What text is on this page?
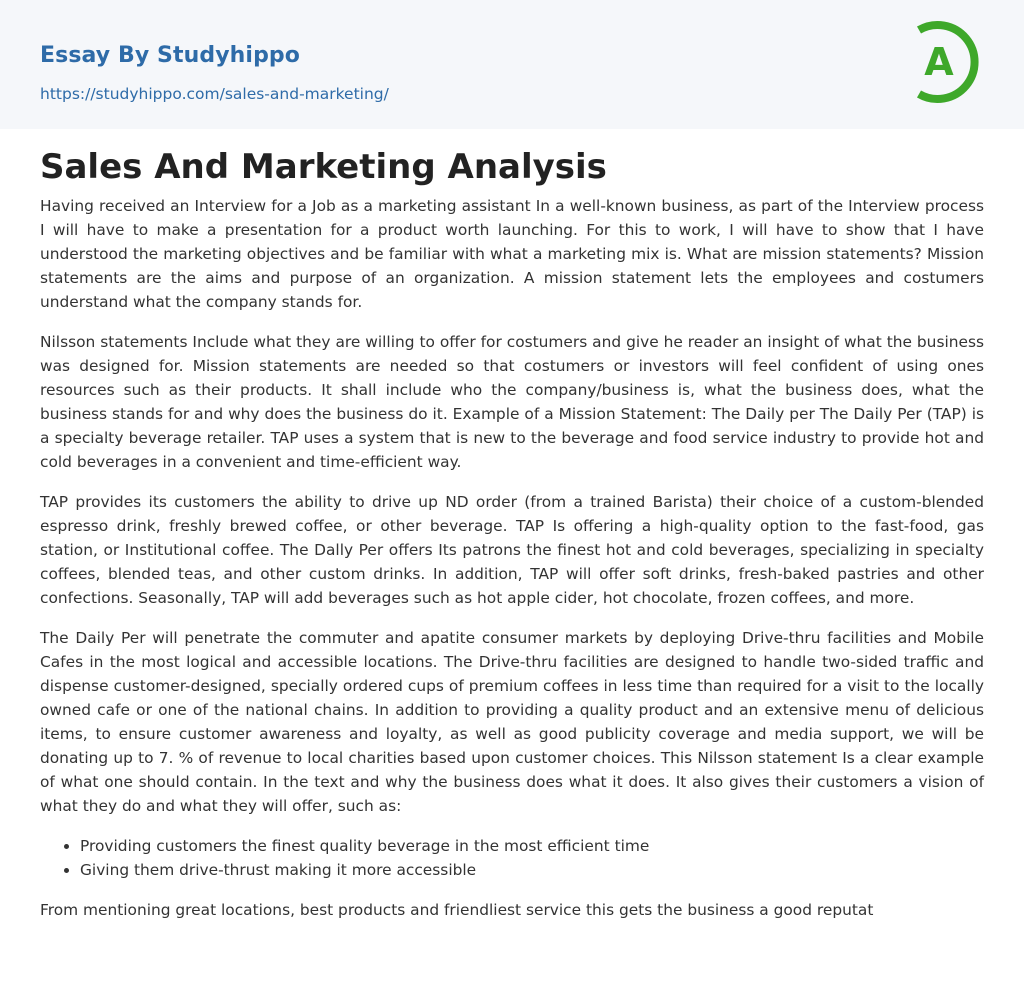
Essay By Studyhippo
https://studyhippo.com/sales-and-marketing/
A
Sales And Marketing Analysis

Having received an Interview for a Job as a marketing assistant In a well-known business, as part of the Interview process I will have to make a presentation for a product worth launching. For this to work, I will have to show that I have understood the marketing objectives and be familiar with what a marketing mix is. What are mission statements? Mission statements are the aims and purpose of an organization. A mission statement lets the employees and costumers understand what the company stands for.

Nilsson statements Include what they are willing to offer for costumers and give he reader an insight of what the business was designed for. Mission statements are needed so that costumers or investors will feel confident of using ones resources such as their products. It shall include who the company/business is, what the business does, what the business stands for and why does the business do it. Example of a Mission Statement: The Daily per The Daily Per (TAP) is a specialty beverage retailer. TAP uses a system that is new to the beverage and food service industry to provide hot and cold beverages in a convenient and time-efficient way.

TAP provides its customers the ability to drive up ND order (from a trained Barista) their choice of a custom-blended espresso drink, freshly brewed coffee, or other beverage. TAP Is offering a high-quality option to the fast-food, gas station, or Institutional coffee. The Dally Per offers Its patrons the finest hot and cold beverages, specializing in specialty coffees, blended teas, and other custom drinks. In addition, TAP will offer soft drinks, fresh-baked pastries and other confections. Seasonally, TAP will add beverages such as hot apple cider, hot chocolate, frozen coffees, and more.

The Daily Per will penetrate the commuter and apatite consumer markets by deploying Drive-thru facilities and Mobile Cafes in the most logical and accessible locations. The Drive-thru facilities are designed to handle two-sided traffic and dispense customer-designed, specially ordered cups of premium coffees in less time than required for a visit to the locally owned cafe or one of the national chains. In addition to providing a quality product and an extensive menu of delicious items, to ensure customer awareness and loyalty, as well as good publicity coverage and media support, we will be donating up to 7. % of revenue to local charities based upon customer choices. This Nilsson statement Is a clear example of what one should contain. In the text and why the business does what it does. It also gives their customers a vision of what they do and what they will offer, such as:

• Providing customers the finest quality beverage in the most efficient time
• Giving them drive-thrust making it more accessible

From mentioning great locations, best products and friendliest service this gets the business a good reputat
